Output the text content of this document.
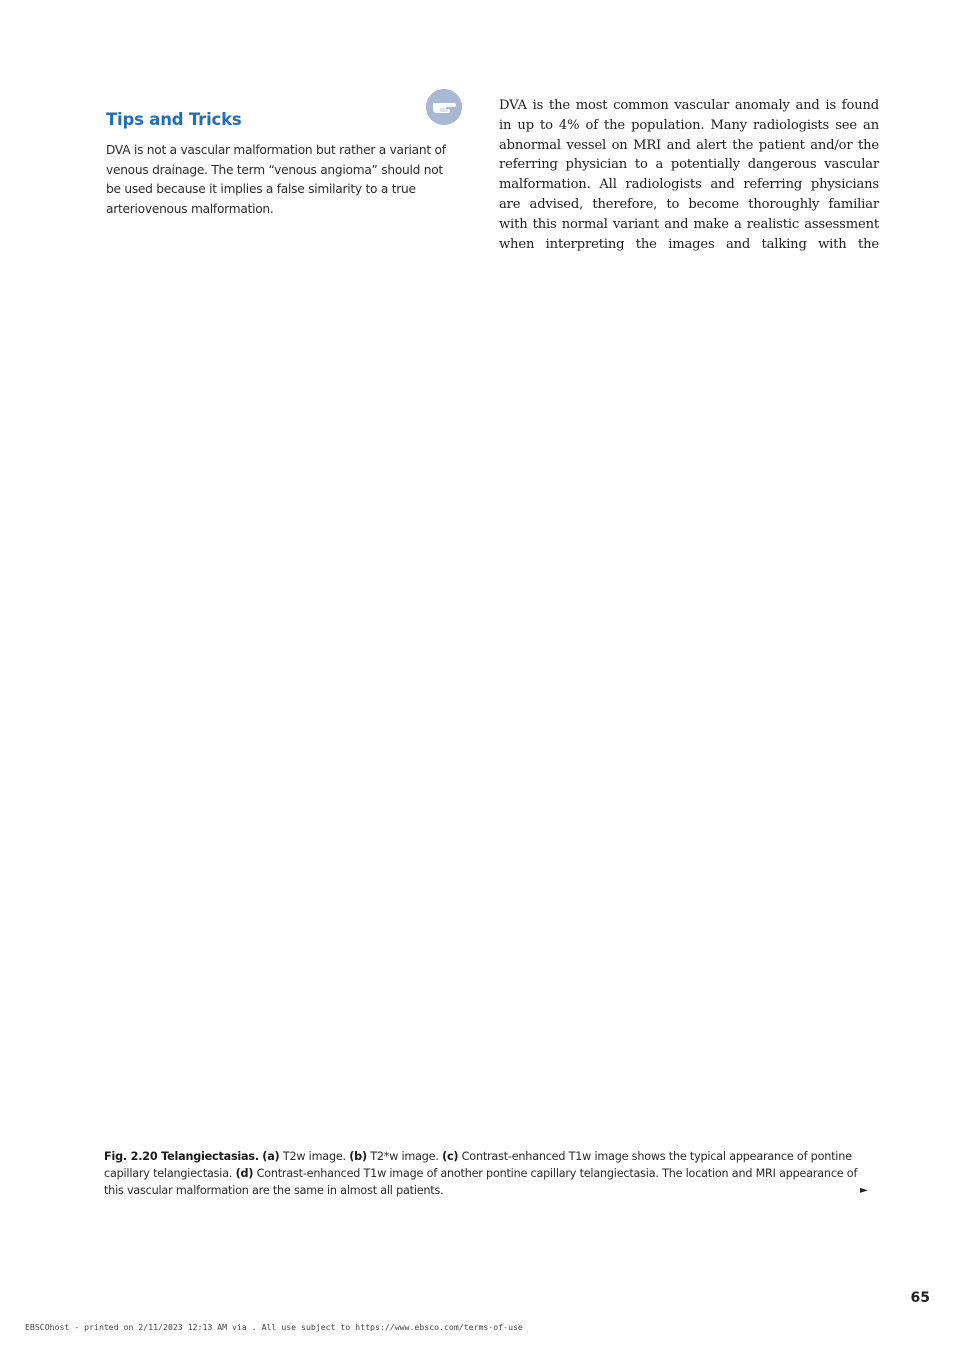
Tips and Tricks

DVA is not a vascular malformation but rather a variant of venous drainage. The term “venous angioma” should not be used because it implies a false similarity to a true arteriovenous malformation.

DVA is the most common vascular anomaly and is found in up to 4% of the population. Many radiologists see an abnormal vessel on MRI and alert the patient and/or the referring physician to a potentially dangerous vascular malformation. All radiologists and referring physicians are advised, therefore, to become thoroughly familiar with this normal variant and make a realistic assessment when interpreting the images and talking with the

Fig. 2.20 Telangiectasias. (a) T2w image. (b) T2*w image. (c) Contrast-enhanced T1w image shows the typical appearance of pontine capillary telangiectasia. (d) Contrast-enhanced T1w image of another pontine capillary telangiectasia. The location and MRI appearance of this vascular malformation are the same in almost all patients.	►
65
EBSCOhost - printed on 2/11/2023 12:13 AM via . All use subject to https://www.ebsco.com/terms-of-use
